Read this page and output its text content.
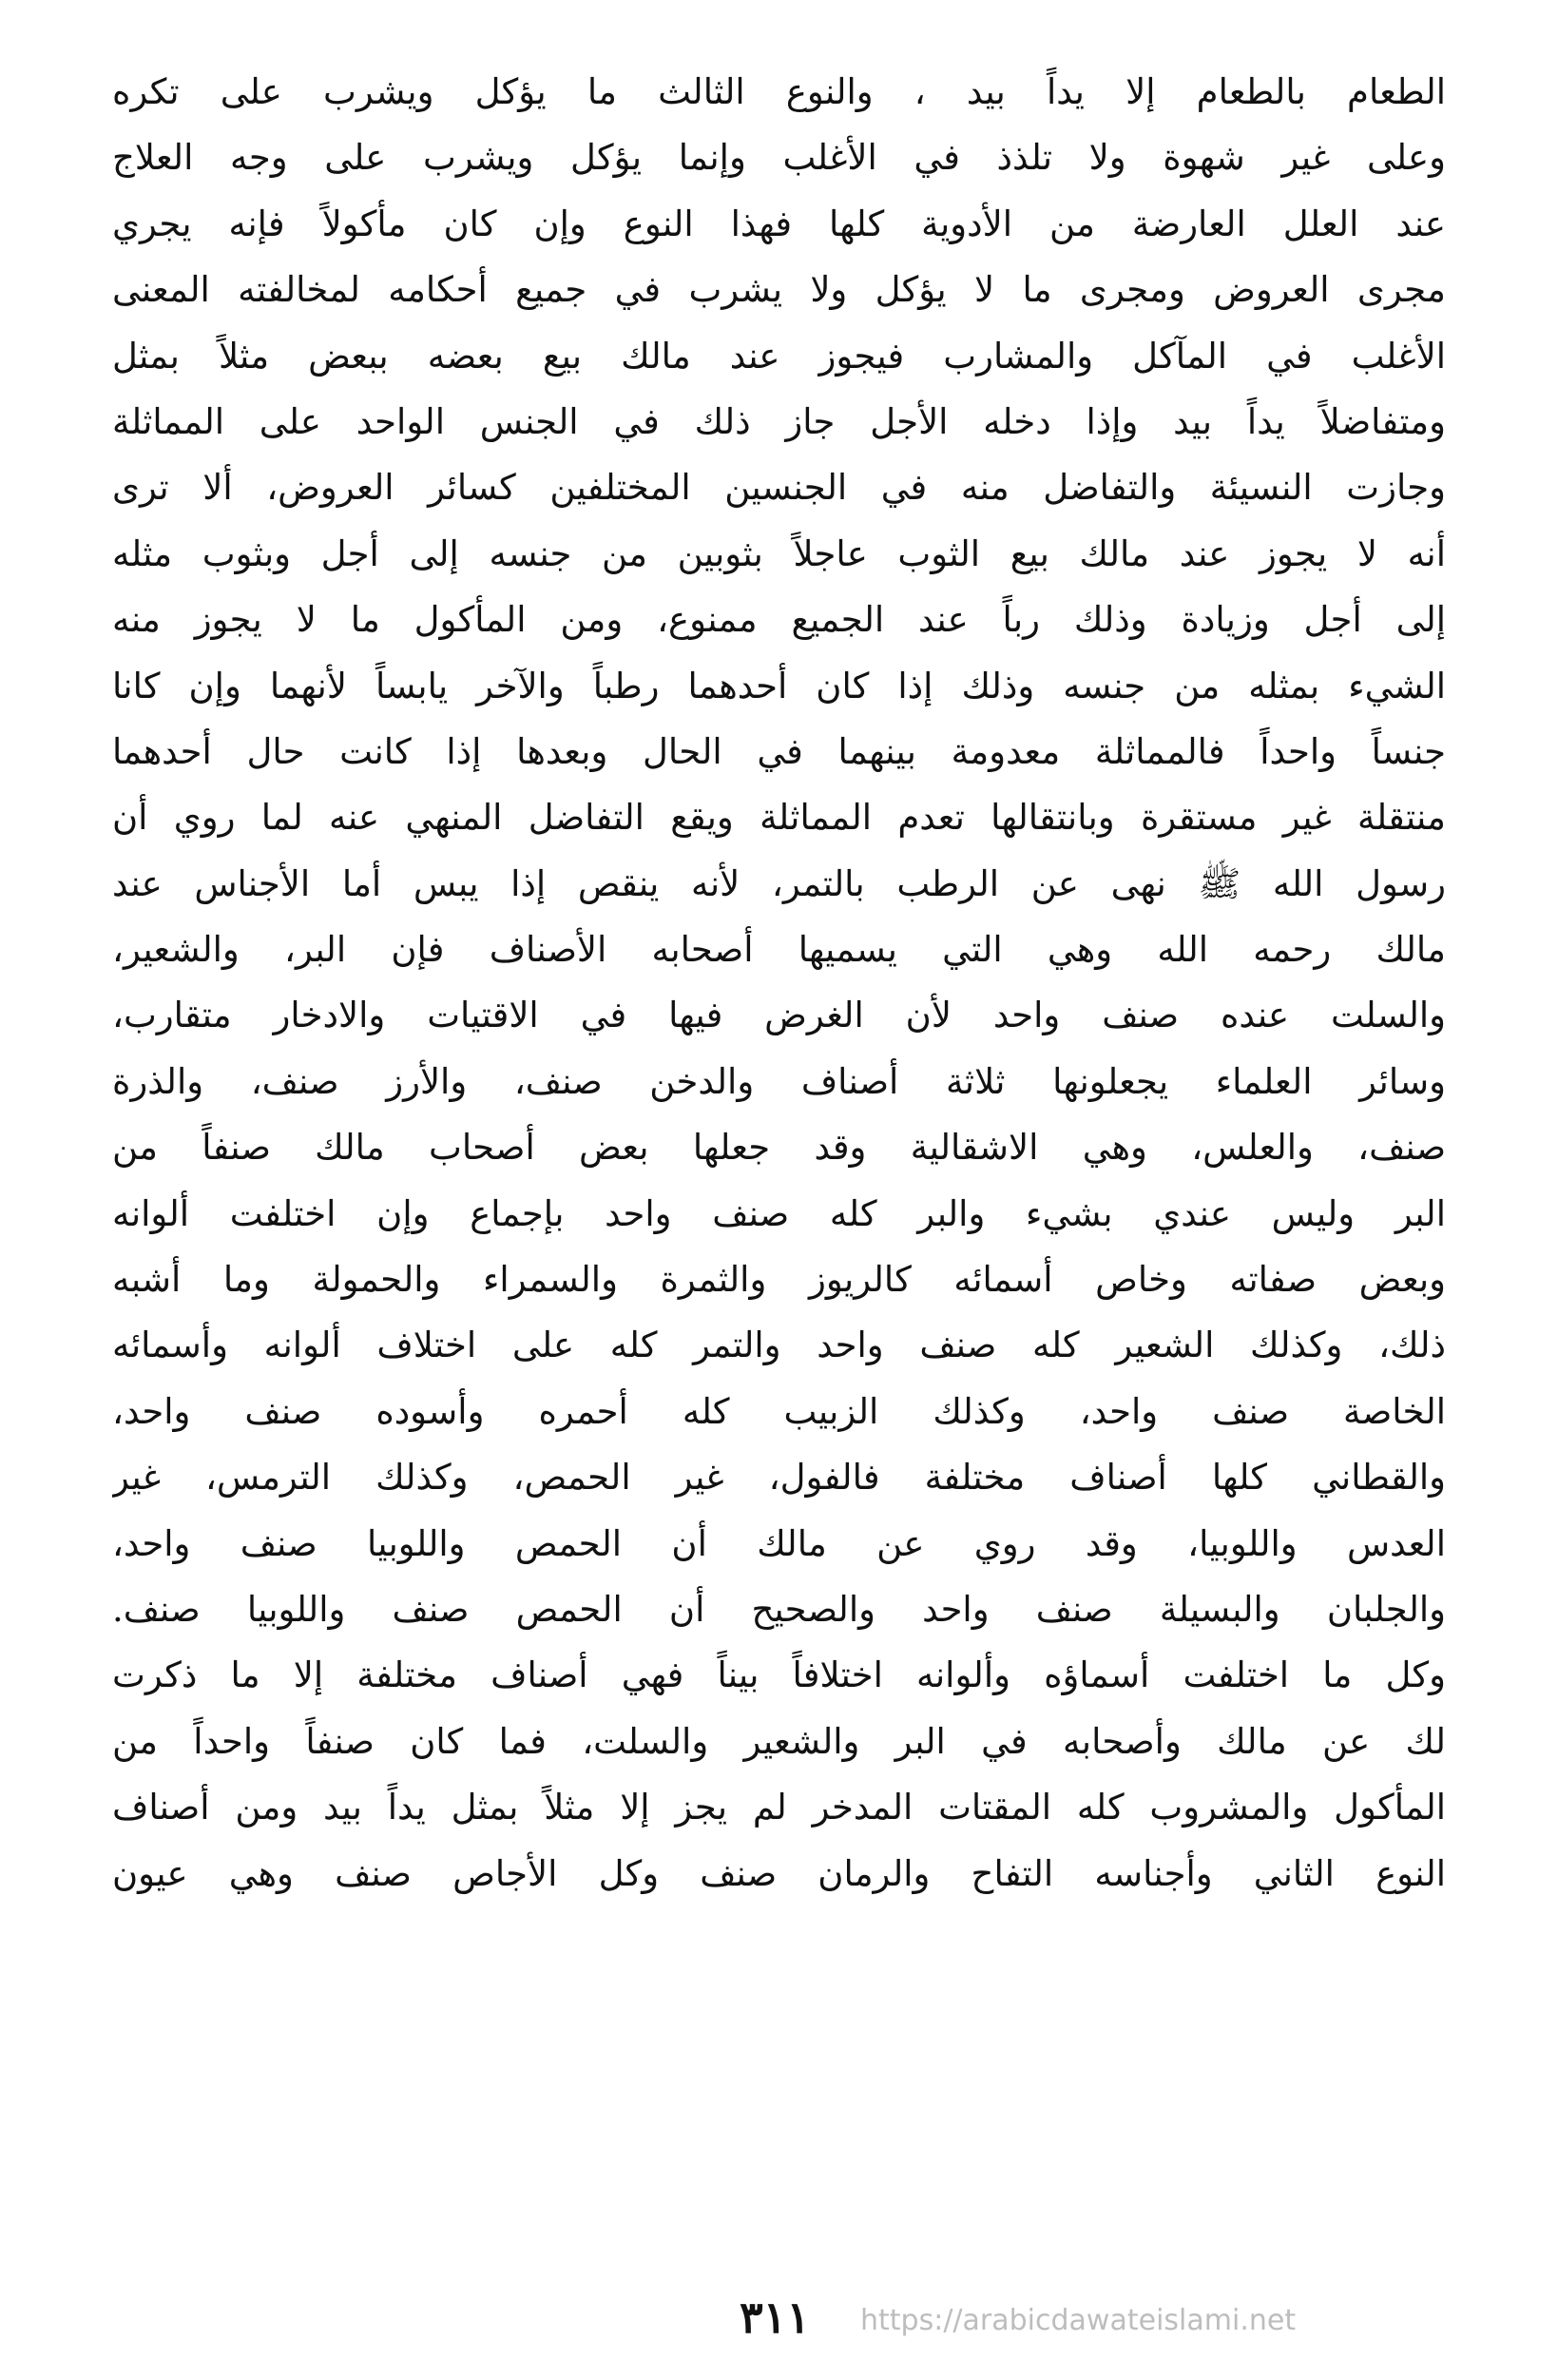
الطعام بالطعام إلا يداً بيد ، والنوع الثالث ما يؤكل ويشرب على تكره
وعلى غير شهوة ولا تلذذ في الأغلب وإنما يؤكل ويشرب على وجه العلاج
عند العلل العارضة من الأدوية كلها فهذا النوع وإن كان مأكولاً فإنه يجري
مجرى العروض ومجرى ما لا يؤكل ولا يشرب في جميع أحكامه لمخالفته المعنى
الأغلب في المآكل والمشارب فيجوز عند مالك بيع بعضه ببعض مثلاً بمثل
ومتفاضلاً يداً بيد وإذا دخله الأجل جاز ذلك في الجنس الواحد على المماثلة
وجازت النسيئة والتفاضل منه في الجنسين المختلفين كسائر العروض، ألا ترى
أنه لا يجوز عند مالك بيع الثوب عاجلاً بثوبين من جنسه إلى أجل وبثوب مثله
إلى أجل وزيادة وذلك رباً عند الجميع ممنوع، ومن المأكول ما لا يجوز منه
الشيء بمثله من جنسه وذلك إذا كان أحدهما رطباً والآخر يابساً لأنهما وإن كانا
جنساً واحداً فالمماثلة معدومة بينهما في الحال وبعدها إذا كانت حال أحدهما
منتقلة غير مستقرة وبانتقالها تعدم المماثلة ويقع التفاضل المنهي عنه لما روي أن
رسول الله ﷺ نهى عن الرطب بالتمر، لأنه ينقص إذا يبس أما الأجناس عند
مالك رحمه الله وهي التي يسميها أصحابه الأصناف فإن البر، والشعير،
والسلت عنده صنف واحد لأن الغرض فيها في الاقتيات والادخار متقارب،
وسائر العلماء يجعلونها ثلاثة أصناف والدخن صنف، والأرز صنف، والذرة
صنف، والعلس، وهي الاشقالية وقد جعلها بعض أصحاب مالك صنفاً من
البر وليس عندي بشيء والبر كله صنف واحد بإجماع وإن اختلفت ألوانه
وبعض صفاته وخاص أسمائه كالريوز والثمرة والسمراء والحمولة وما أشبه
ذلك، وكذلك الشعير كله صنف واحد والتمر كله على اختلاف ألوانه وأسمائه
الخاصة صنف واحد، وكذلك الزبيب كله أحمره وأسوده صنف واحد،
والقطاني كلها أصناف مختلفة فالفول، غير الحمص، وكذلك الترمس، غير
العدس واللوبيا، وقد روي عن مالك أن الحمص واللوبيا صنف واحد،
والجلبان والبسيلة صنف واحد والصحيح أن الحمص صنف واللوبيا صنف.
وكل ما اختلفت أسماؤه وألوانه اختلافاً بيناً فهي أصناف مختلفة إلا ما ذكرت
لك عن مالك وأصحابه في البر والشعير والسلت، فما كان صنفاً واحداً من
المأكول والمشروب كله المقتات المدخر لم يجز إلا مثلاً بمثل يداً بيد ومن أصناف
النوع الثاني وأجناسه التفاح والرمان صنف وكل الأجاص صنف وهي عيون
٣١١	https://arabicdawateislami.net
